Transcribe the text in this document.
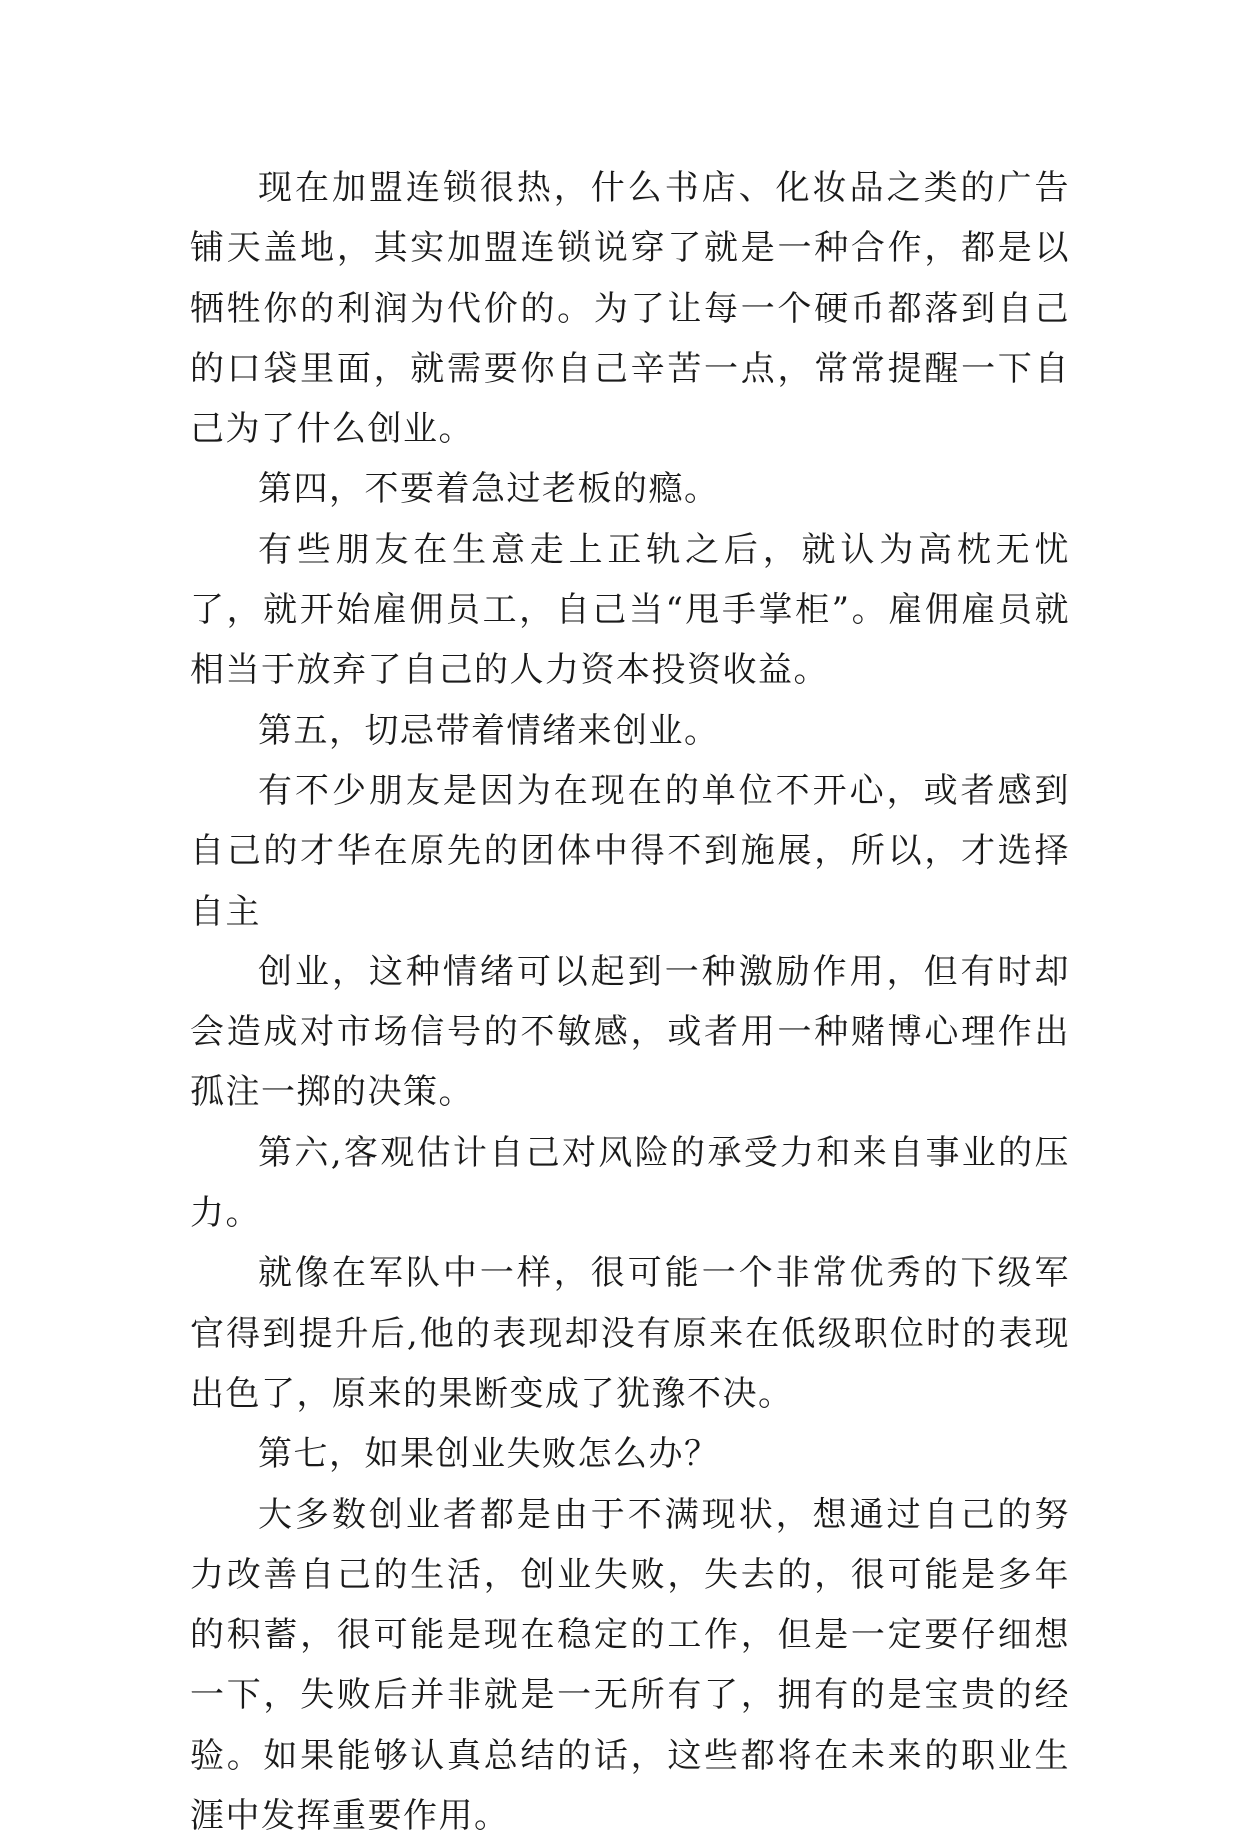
现在加盟连锁很热，什么书店、化妆品之类的广告铺天盖地，其实加盟连锁说穿了就是一种合作，都是以牺牲你的利润为代价的。为了让每一个硬币都落到自己的口袋里面，就需要你自己辛苦一点，常常提醒一下自己为了什么创业。

第四，不要着急过老板的瘾。

有些朋友在生意走上正轨之后，就认为高枕无忧了，就开始雇佣员工，自己当“甩手掌柜”。雇佣雇员就相当于放弃了自己的人力资本投资收益。

第五，切忌带着情绪来创业。

有不少朋友是因为在现在的单位不开心，或者感到自己的才华在原先的团体中得不到施展，所以，才选择自主

创业，这种情绪可以起到一种激励作用，但有时却会造成对市场信号的不敏感，或者用一种赌博心理作出孤注一掷的决策。

第六,客观估计自己对风险的承受力和来自事业的压力。

就像在军队中一样，很可能一个非常优秀的下级军官得到提升后,他的表现却没有原来在低级职位时的表现出色了，原来的果断变成了犹豫不决。

第七，如果创业失败怎么办？

大多数创业者都是由于不满现状，想通过自己的努力改善自己的生活，创业失败，失去的，很可能是多年的积蓄，很可能是现在稳定的工作，但是一定要仔细想一下，失败后并非就是一无所有了，拥有的是宝贵的经验。如果能够认真总结的话，这些都将在未来的职业生涯中发挥重要作用。
